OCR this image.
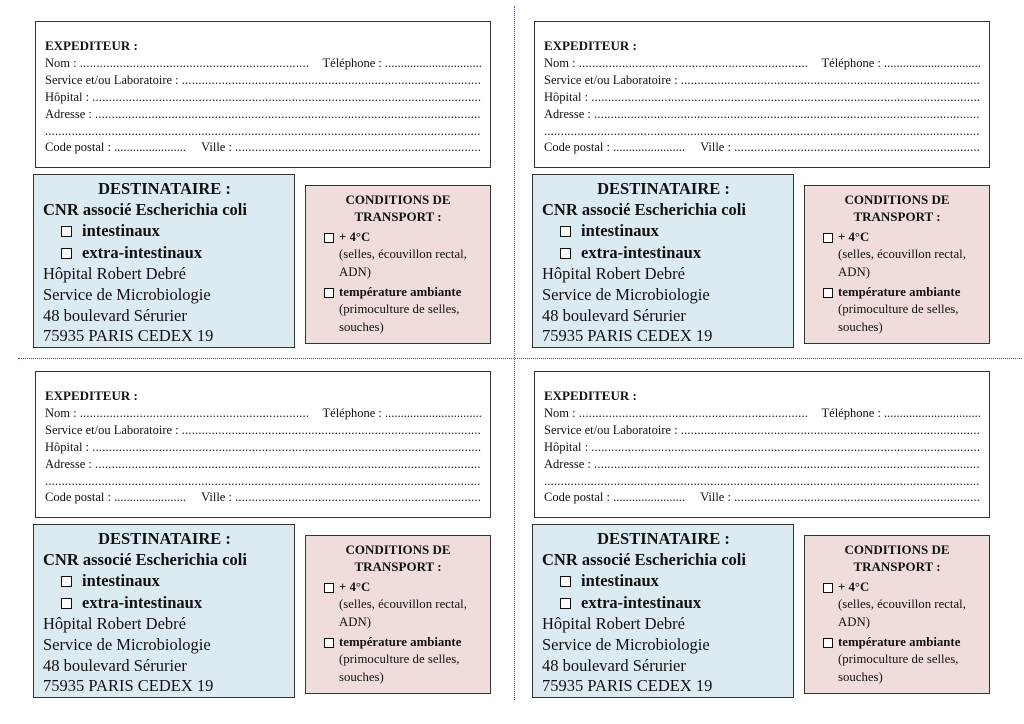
EXPEDITEUR :
Nom :
.....	Téléphone :

.....
Service et/ou Laboratoire :

.....
Hôpital :

.....
Adresse :

.....
.....
Code postal :
.....	Ville :

.....
DESTINATAIRE :
CNR associé Escherichia coli
intestinaux
extra-intestinaux
Hôpital Robert Debré
Service de Microbiologie
48 boulevard Sérurier
75935 PARIS CEDEX 19
CONDITIONS DE TRANSPORT :
+ 4°C
(selles, écouvillon rectal, ADN)
température ambiante
(primoculture de selles, souches)
EXPEDITEUR :
Nom :
.....	Téléphone :

.....
Service et/ou Laboratoire :

.....
Hôpital :

.....
Adresse :

.....
.....
Code postal :
.....	Ville :

.....
DESTINATAIRE :
CNR associé Escherichia coli
intestinaux
extra-intestinaux
Hôpital Robert Debré
Service de Microbiologie
48 boulevard Sérurier
75935 PARIS CEDEX 19
CONDITIONS DE TRANSPORT :
+ 4°C
(selles, écouvillon rectal, ADN)
température ambiante
(primoculture de selles, souches)
EXPEDITEUR :
Nom :
.....	Téléphone :

.....
Service et/ou Laboratoire :

.....
Hôpital :

.....
Adresse :

.....
.....
Code postal :
.....	Ville :

.....
DESTINATAIRE :
CNR associé Escherichia coli
intestinaux
extra-intestinaux
Hôpital Robert Debré
Service de Microbiologie
48 boulevard Sérurier
75935 PARIS CEDEX 19
CONDITIONS DE TRANSPORT :
+ 4°C
(selles, écouvillon rectal, ADN)
température ambiante
(primoculture de selles, souches)
EXPEDITEUR :
Nom :
.....	Téléphone :

.....
Service et/ou Laboratoire :

.....
Hôpital :

.....
Adresse :

.....
.....
Code postal :
.....	Ville :

.....
DESTINATAIRE :
CNR associé Escherichia coli
intestinaux
extra-intestinaux
Hôpital Robert Debré
Service de Microbiologie
48 boulevard Sérurier
75935 PARIS CEDEX 19
CONDITIONS DE TRANSPORT :
+ 4°C
(selles, écouvillon rectal, ADN)
température ambiante
(primoculture de selles, souches)
